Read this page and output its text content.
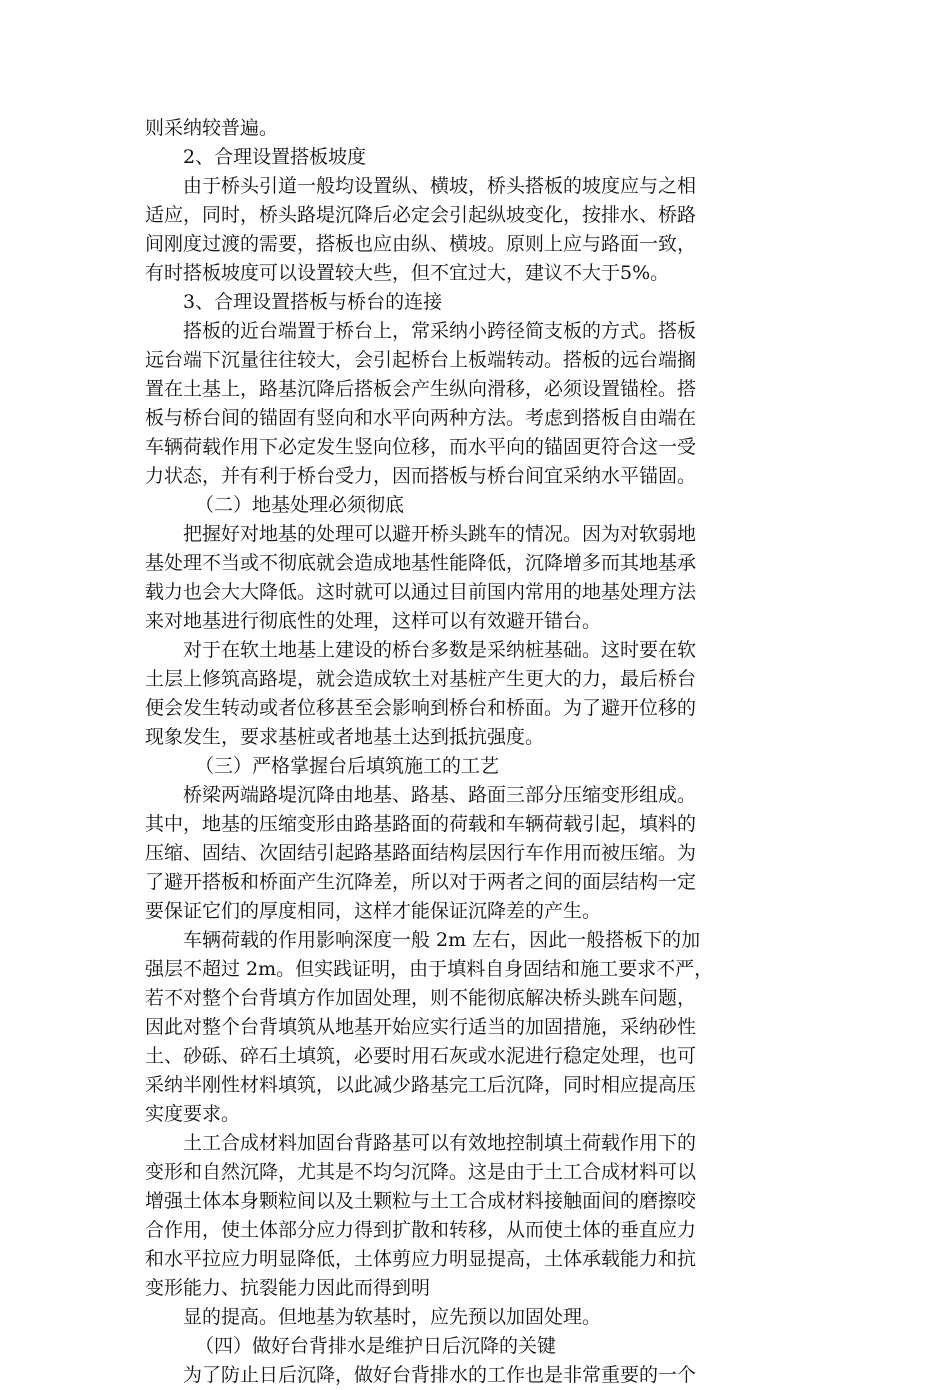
则采纳较普遍。
2、合理设置搭板坡度
由于桥头引道一般均设置纵、横坡，桥头搭板的坡度应与之相
适应，同时，桥头路堤沉降后必定会引起纵坡变化，按排水、桥路
间刚度过渡的需要，搭板也应由纵、横坡。原则上应与路面一致，
有时搭板坡度可以设置较大些，但不宜过大，建议不大于5%。
3、合理设置搭板与桥台的连接
搭板的近台端置于桥台上，常采纳小跨径简支板的方式。搭板
远台端下沉量往往较大，会引起桥台上板端转动。搭板的远台端搁
置在土基上，路基沉降后搭板会产生纵向滑移，必须设置锚栓。搭
板与桥台间的锚固有竖向和水平向两种方法。考虑到搭板自由端在
车辆荷载作用下必定发生竖向位移，而水平向的锚固更符合这一受
力状态，并有利于桥台受力，因而搭板与桥台间宜采纳水平锚固。
（二）地基处理必须彻底
把握好对地基的处理可以避开桥头跳车的情况。因为对软弱地
基处理不当或不彻底就会造成地基性能降低，沉降增多而其地基承
载力也会大大降低。这时就可以通过目前国内常用的地基处理方法
来对地基进行彻底性的处理，这样可以有效避开错台。
对于在软土地基上建设的桥台多数是采纳桩基础。这时要在软
土层上修筑高路堤，就会造成软土对基桩产生更大的力，最后桥台
便会发生转动或者位移甚至会影响到桥台和桥面。为了避开位移的
现象发生，要求基桩或者地基土达到抵抗强度。
（三）严格掌握台后填筑施工的工艺
桥梁两端路堤沉降由地基、路基、路面三部分压缩变形组成。
其中，地基的压缩变形由路基路面的荷载和车辆荷载引起，填料的
压缩、固结、次固结引起路基路面结构层因行车作用而被压缩。为
了避开搭板和桥面产生沉降差，所以对于两者之间的面层结构一定
要保证它们的厚度相同，这样才能保证沉降差的产生。
车辆荷载的作用影响深度一般 2m 左右，因此一般搭板下的加
强层不超过 2m。但实践证明，由于填料自身固结和施工要求不严，
若不对整个台背填方作加固处理，则不能彻底解决桥头跳车问题，
因此对整个台背填筑从地基开始应实行适当的加固措施，采纳砂性
土、砂砾、碎石土填筑，必要时用石灰或水泥进行稳定处理，也可
采纳半刚性材料填筑，以此减少路基完工后沉降，同时相应提高压
实度要求。
土工合成材料加固台背路基可以有效地控制填土荷载作用下的
变形和自然沉降，尤其是不均匀沉降。这是由于土工合成材料可以
增强土体本身颗粒间以及土颗粒与土工合成材料接触面间的磨擦咬
合作用，使土体部分应力得到扩散和转移，从而使土体的垂直应力
和水平拉应力明显降低，土体剪应力明显提高，土体承载能力和抗
变形能力、抗裂能力因此而得到明
显的提高。但地基为软基时，应先预以加固处理。
（四）做好台背排水是维护日后沉降的关键
为了防止日后沉降，做好台背排水的工作也是非常重要的一个
